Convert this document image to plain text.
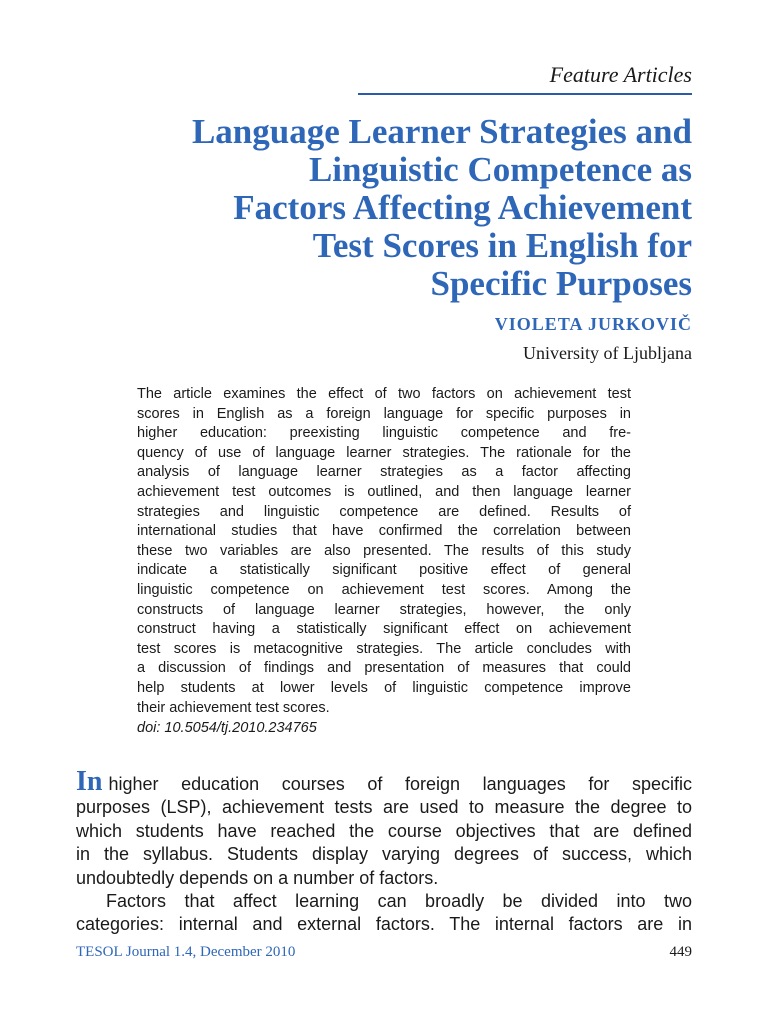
Feature Articles
Language Learner Strategies and
Linguistic Competence as
Factors Affecting Achievement
Test Scores in English for
Specific Purposes
VIOLETA JURKOVIČ
University of Ljubljana
The article examines the effect of two factors on achievement test
scores in English as a foreign language for specific purposes in
higher education: preexisting linguistic competence and fre-
quency of use of language learner strategies. The rationale for the
analysis of language learner strategies as a factor affecting
achievement test outcomes is outlined, and then language learner
strategies and linguistic competence are defined. Results of
international studies that have confirmed the correlation between
these two variables are also presented. The results of this study
indicate a statistically significant positive effect of general
linguistic competence on achievement test scores. Among the
constructs of language learner strategies, however, the only
construct having a statistically significant effect on achievement
test scores is metacognitive strategies. The article concludes with
a discussion of findings and presentation of measures that could
help students at lower levels of linguistic competence improve
their achievement test scores.
doi: 10.5054/tj.2010.234765
In higher education courses of foreign languages for specific
purposes (LSP), achievement tests are used to measure the degree to
which students have reached the course objectives that are defined
in the syllabus. Students display varying degrees of success, which
undoubtedly depends on a number of factors.
Factors that affect learning can broadly be divided into two
categories: internal and external factors. The internal factors are in
TESOL Journal 1.4, December 2010	449
